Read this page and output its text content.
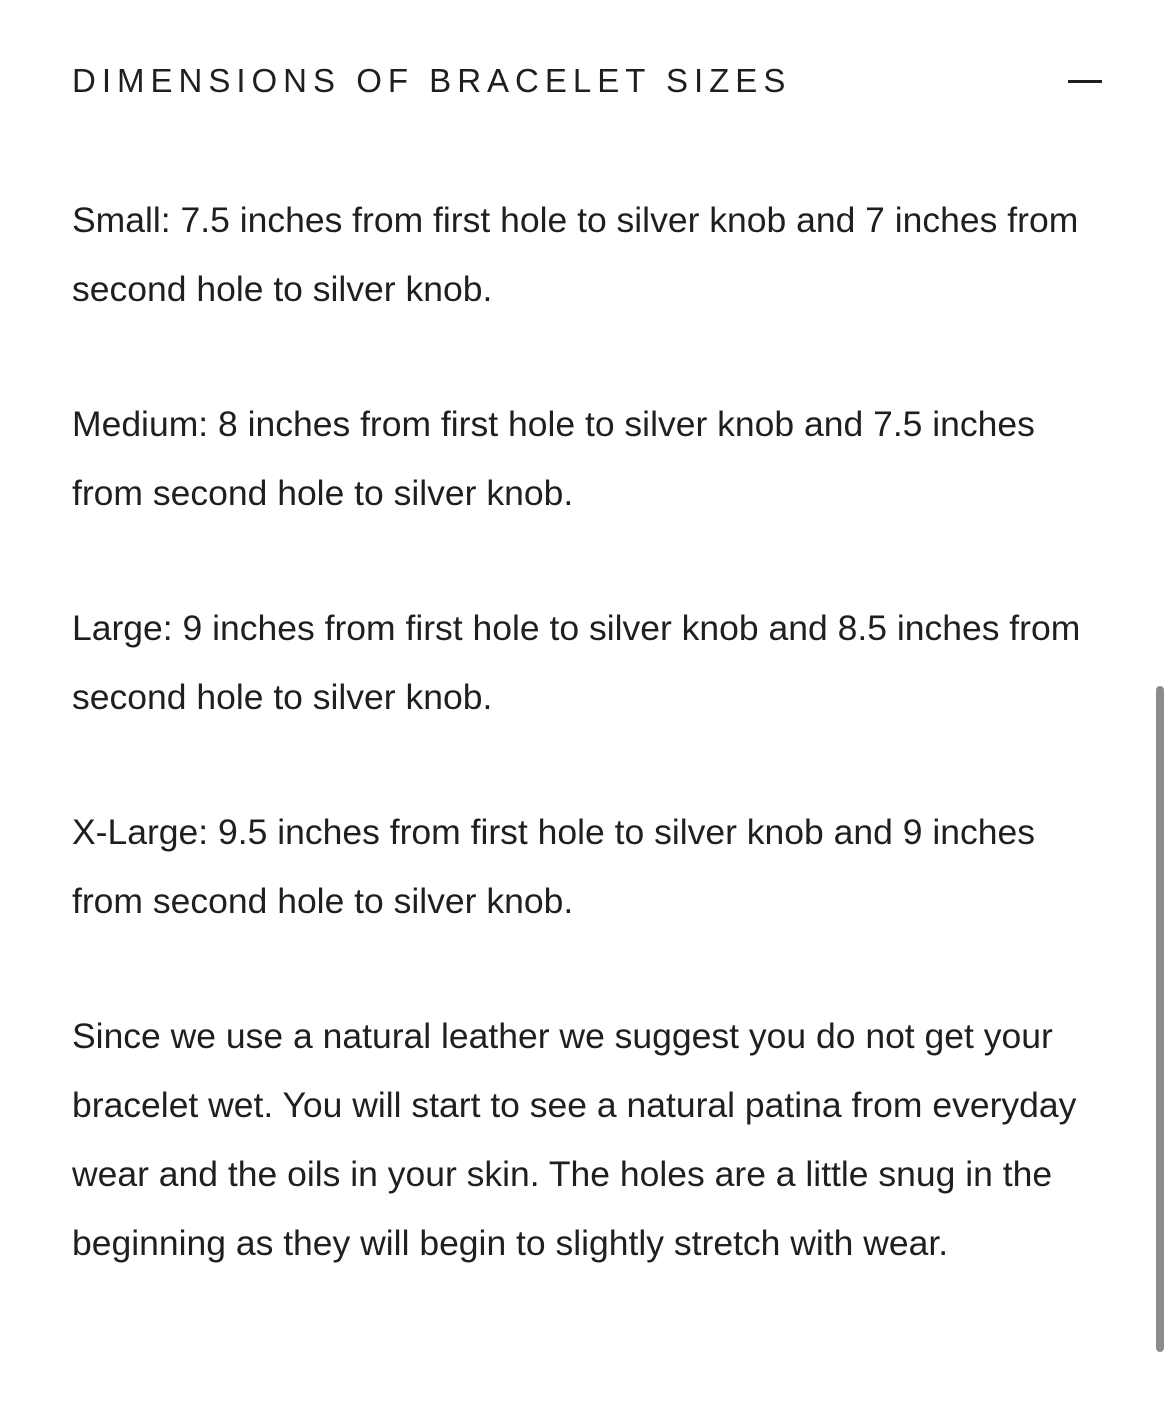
DIMENSIONS OF BRACELET SIZES

Small: 7.5 inches from first hole to silver knob and 7 inches from second hole to silver knob.

Medium: 8 inches from first hole to silver knob and 7.5 inches from second hole to silver knob.

Large: 9 inches from first hole to silver knob and 8.5 inches from second hole to silver knob.

X-Large: 9.5 inches from first hole to silver knob and 9 inches from second hole to silver knob.

Since we use a natural leather we suggest you do not get your bracelet wet. You will start to see a natural patina from everyday wear and the oils in your skin. The holes are a little snug in the beginning as they will begin to slightly stretch with wear.
